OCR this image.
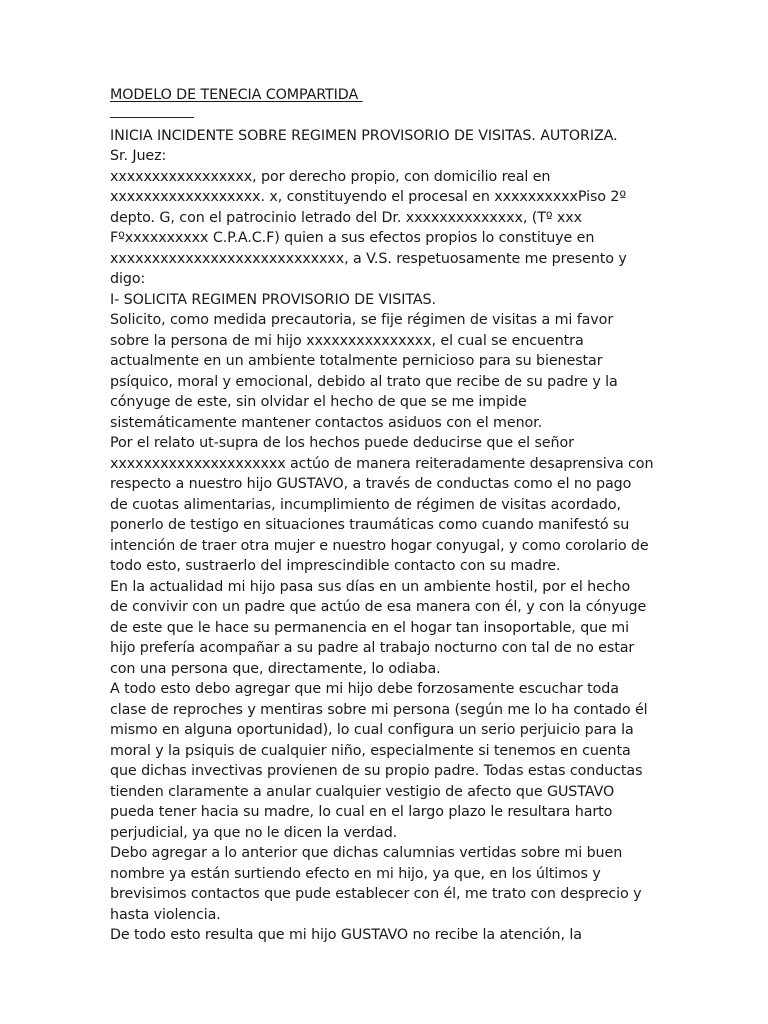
MODELO DE TENECIA COMPARTIDA
INICIA INCIDENTE SOBRE REGIMEN PROVISORIO DE VISITAS. AUTORIZA.
Sr. Juez:
xxxxxxxxxxxxxxxxx, por derecho propio, con domicilio real en
xxxxxxxxxxxxxxxxxx. x, constituyendo el procesal en xxxxxxxxxxPiso 2º
depto. G, con el patrocinio letrado del Dr. xxxxxxxxxxxxxx, (Tº xxx
Fºxxxxxxxxxx C.P.A.C.F) quien a sus efectos propios lo constituye en
xxxxxxxxxxxxxxxxxxxxxxxxxxxx, a V.S. respetuosamente me presento y
digo:
I- SOLICITA REGIMEN PROVISORIO DE VISITAS.
Solicito, como medida precautoria, se fije régimen de visitas a mi favor
sobre la persona de mi hijo xxxxxxxxxxxxxxx, el cual se encuentra
actualmente en un ambiente totalmente pernicioso para su bienestar
psíquico, moral y emocional, debido al trato que recibe de su padre y la
cónyuge de este, sin olvidar el hecho de que se me impide
sistemáticamente mantener contactos asiduos con el menor.
Por el relato ut-supra de los hechos puede deducirse que el señor
xxxxxxxxxxxxxxxxxxxxx actúo de manera reiteradamente desaprensiva con
respecto a nuestro hijo GUSTAVO, a través de conductas como el no pago
de cuotas alimentarias, incumplimiento de régimen de visitas acordado,
ponerlo de testigo en situaciones traumáticas como cuando manifestó su
intención de traer otra mujer e nuestro hogar conyugal, y como corolario de
todo esto, sustraerlo del imprescindible contacto con su madre.
En la actualidad mi hijo pasa sus días en un ambiente hostil, por el hecho
de convivir con un padre que actúo de esa manera con él, y con la cónyuge
de este que le hace su permanencia en el hogar tan insoportable, que mi
hijo prefería acompañar a su padre al trabajo nocturno con tal de no estar
con una persona que, directamente, lo odiaba.
A todo esto debo agregar que mi hijo debe forzosamente escuchar toda
clase de reproches y mentiras sobre mi persona (según me lo ha contado él
mismo en alguna oportunidad), lo cual configura un serio perjuicio para la
moral y la psiquis de cualquier niño, especialmente si tenemos en cuenta
que dichas invectivas provienen de su propio padre. Todas estas conductas
tienden claramente a anular cualquier vestigio de afecto que GUSTAVO
pueda tener hacia su madre, lo cual en el largo plazo le resultara harto
perjudicial, ya que no le dicen la verdad.
Debo agregar a lo anterior que dichas calumnias vertidas sobre mi buen
nombre ya están surtiendo efecto en mi hijo, ya que, en los últimos y
brevisimos contactos que pude establecer con él, me trato con desprecio y
hasta violencia.
De todo esto resulta que mi hijo GUSTAVO no recibe la atención, la
